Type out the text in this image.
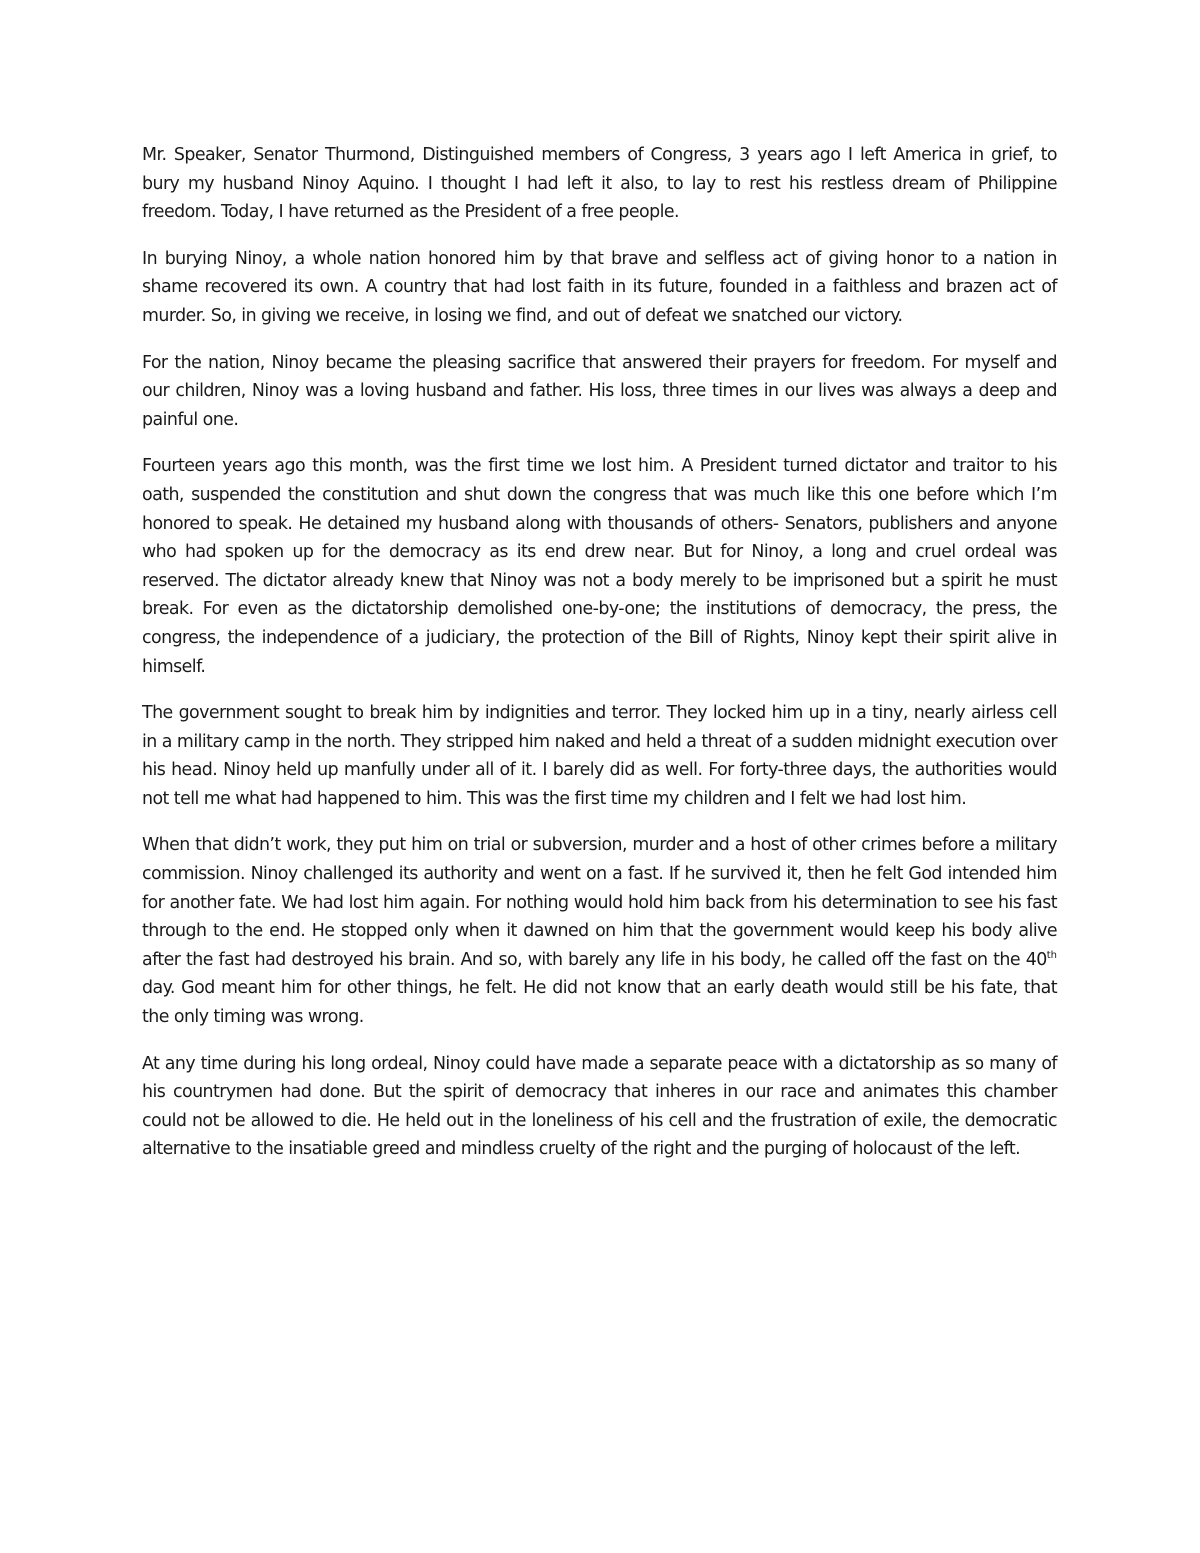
Mr. Speaker, Senator Thurmond, Distinguished members of Congress, 3 years ago I left America in grief, to bury my husband Ninoy Aquino. I thought I had left it also, to lay to rest his restless dream of Philippine freedom. Today, I have returned as the President of a free people.

In burying Ninoy, a whole nation honored him by that brave and selfless act of giving honor to a nation in shame recovered its own. A country that had lost faith in its future, founded in a faithless and brazen act of murder. So, in giving we receive, in losing we find, and out of defeat we snatched our victory.

For the nation, Ninoy became the pleasing sacrifice that answered their prayers for freedom. For myself and our children, Ninoy was a loving husband and father. His loss, three times in our lives was always a deep and painful one.

Fourteen years ago this month, was the first time we lost him. A President turned dictator and traitor to his oath, suspended the constitution and shut down the congress that was much like this one before which I’m honored to speak. He detained my husband along with thousands of others- Senators, publishers and anyone who had spoken up for the democracy as its end drew near. But for Ninoy, a long and cruel ordeal was reserved. The dictator already knew that Ninoy was not a body merely to be imprisoned but a spirit he must break. For even as the dictatorship demolished one-by-one; the institutions of democracy, the press, the congress, the independence of a judiciary, the protection of the Bill of Rights, Ninoy kept their spirit alive in himself.

The government sought to break him by indignities and terror. They locked him up in a tiny, nearly airless cell in a military camp in the north. They stripped him naked and held a threat of a sudden midnight execution over his head. Ninoy held up manfully under all of it. I barely did as well. For forty-three days, the authorities would not tell me what had happened to him. This was the first time my children and I felt we had lost him.

When that didn’t work, they put him on trial or subversion, murder and a host of other crimes before a military commission. Ninoy challenged its authority and went on a fast. If he survived it, then he felt God intended him for another fate. We had lost him again. For nothing would hold him back from his determination to see his fast through to the end. He stopped only when it dawned on him that the government would keep his body alive after the fast had destroyed his brain. And so, with barely any life in his body, he called off the fast on the 40th day. God meant him for other things, he felt. He did not know that an early death would still be his fate, that the only timing was wrong.

At any time during his long ordeal, Ninoy could have made a separate peace with a dictatorship as so many of his countrymen had done. But the spirit of democracy that inheres in our race and animates this chamber could not be allowed to die. He held out in the loneliness of his cell and the frustration of exile, the democratic alternative to the insatiable greed and mindless cruelty of the right and the purging of holocaust of the left.
